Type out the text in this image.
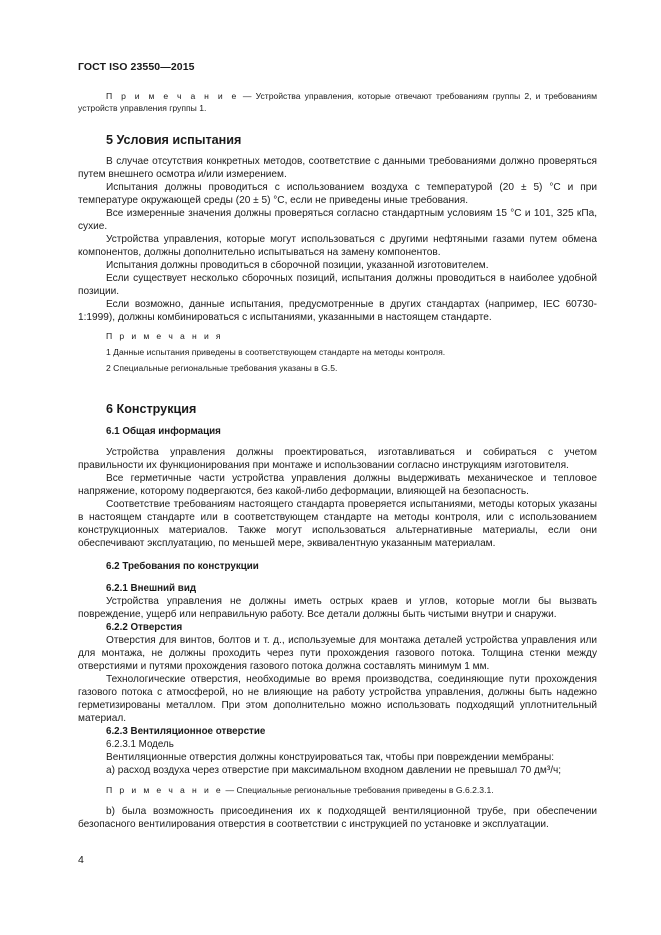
ГОСТ ISO 23550—2015

П р и м е ч а н и е — Устройства управления, которые отвечают требованиям группы 2, и требованиям устройств управления группы 1.

5 Условия испытания

В случае отсутствия конкретных методов, соответствие с данными требованиями должно проверяться путем внешнего осмотра и/или измерением.

Испытания должны проводиться с использованием воздуха с температурой (20 ± 5) °С и при температуре окружающей среды (20 ± 5) °С, если не приведены иные требования.

Все измеренные значения должны проверяться согласно стандартным условиям 15 °С и 101, 325 кПа, сухие.

Устройства управления, которые могут использоваться с другими нефтяными газами путем обмена компонентов, должны дополнительно испытываться на замену компонентов.

Испытания должны проводиться в сборочной позиции, указанной изготовителем.

Если существует несколько сборочных позиций, испытания должны проводиться в наиболее удобной позиции.

Если возможно, данные испытания, предусмотренные в других стандартах (например, IEC 60730-1:1999), должны комбинироваться с испытаниями, указанными в настоящем стандарте.

П р и м е ч а н и я

1 Данные испытания приведены в соответствующем стандарте на методы контроля.

2 Специальные региональные требования указаны в G.5.

6 Конструкция
6.1 Общая информация

Устройства управления должны проектироваться, изготавливаться и собираться с учетом правильности их функционирования при монтаже и использовании согласно инструкциям изготовителя.

Все герметичные части устройства управления должны выдерживать механическое и тепловое напряжение, которому подвергаются, без какой-либо деформации, влияющей на безопасность.

Соответствие требованиям настоящего стандарта проверяется испытаниями, методы которых указаны в настоящем стандарте или в соответствующем стандарте на методы контроля, или с использованием конструкционных материалов. Также могут использоваться альтернативные материалы, если они обеспечивают эксплуатацию, по меньшей мере, эквивалентную указанным материалам.

6.2 Требования по конструкции
6.2.1 Внешний вид

Устройства управления не должны иметь острых краев и углов, которые могли бы вызвать повреждение, ущерб или неправильную работу. Все детали должны быть чистыми внутри и снаружи.

6.2.2 Отверстия

Отверстия для винтов, болтов и т. д., используемые для монтажа деталей устройства управления или для монтажа, не должны проходить через пути прохождения газового потока. Толщина стенки между отверстиями и путями прохождения газового потока должна составлять минимум 1 мм.

Технологические отверстия, необходимые во время производства, соединяющие пути прохождения газового потока с атмосферой, но не влияющие на работу устройства управления, должны быть надежно герметизированы металлом. При этом дополнительно можно использовать подходящий уплотнительный материал.

6.2.3 Вентиляционное отверстие
6.2.3.1 Модель

Вентиляционные отверстия должны конструироваться так, чтобы при повреждении мембраны:

а) расход воздуха через отверстие при максимальном входном давлении не превышал 70 дм³/ч;

П р и м е ч а н и е — Специальные региональные требования приведены в G.6.2.3.1.

b) была возможность присоединения их к подходящей вентиляционной трубе, при обеспечении безопасного вентилирования отверстия в соответствии с инструкцией по установке и эксплуатации.

4
